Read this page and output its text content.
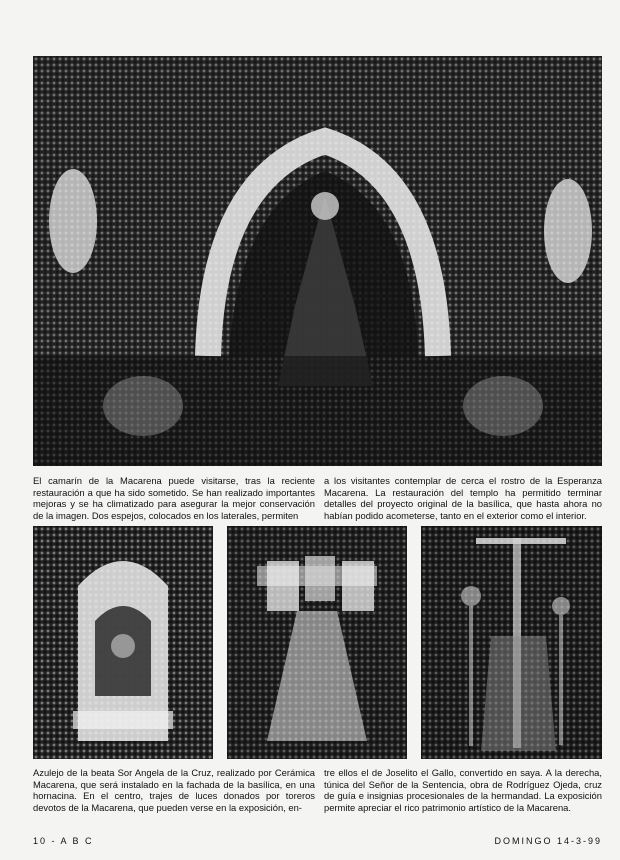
El camarín de la Macarena puede visitarse, tras la reciente restauración a que ha sido sometido. Se han realizado importantes mejoras y se ha climatizado para asegurar la mejor conservación de la imagen. Dos espejos, colocados en los laterales, permiten

a los visitantes contemplar de cerca el rostro de la Esperanza Macarena. La restauración del templo ha permitido terminar detalles del proyecto original de la basílica, que hasta ahora no habían podido acometerse, tanto en el exterior como el interior.

Azulejo de la beata Sor Angela de la Cruz, realizado por Cerámica Macarena, que será instalado en la fachada de la basílica, en una hornacina. En el centro, trajes de luces donados por toreros devotos de la Macarena, que pueden verse en la exposición, en-

tre ellos el de Joselito el Gallo, convertido en saya. A la derecha, túnica del Señor de la Sentencia, obra de Rodríguez Ojeda, cruz de guía e insignias procesionales de la hermandad. La exposición permite apreciar el rico patrimonio artístico de la Macarena.

10 - A B C	DOMINGO 14-3-99
